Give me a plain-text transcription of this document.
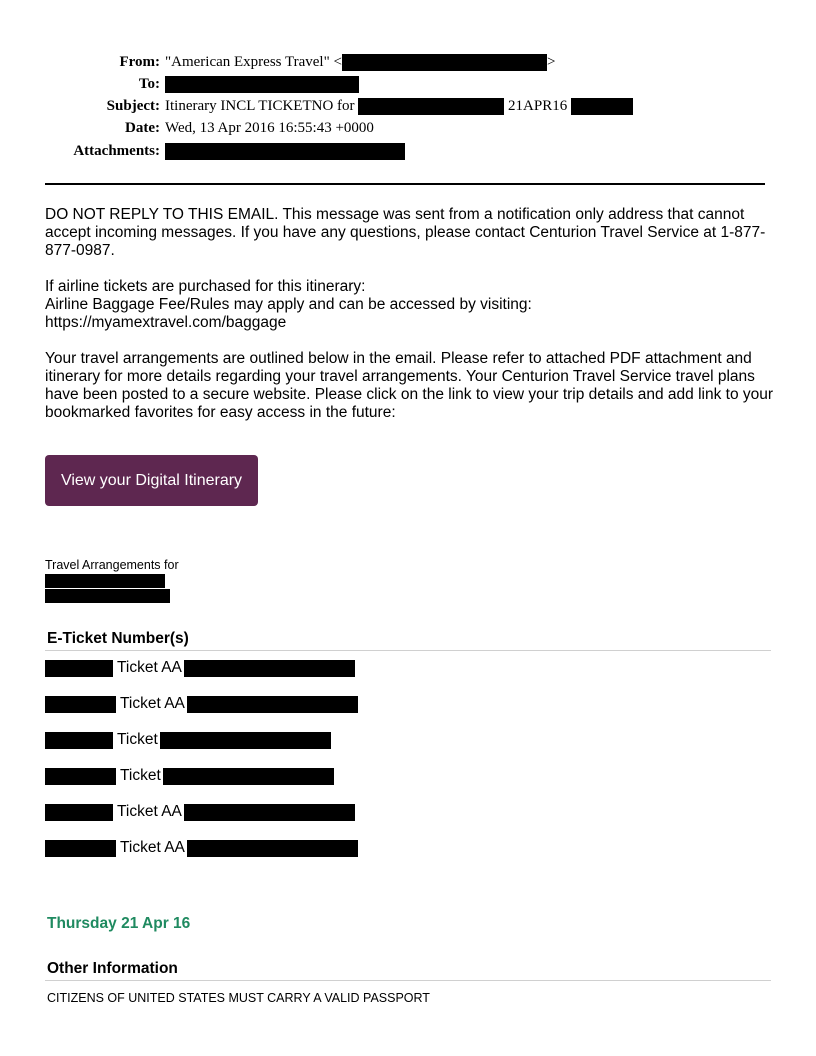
From: "American Express Travel" <	>
To:
Subject: Itinerary INCL TICKETNO for	21APR16
Date: Wed, 13 Apr 2016 16:55:43 +0000
Attachments:

DO NOT REPLY TO THIS EMAIL. This message was sent from a notification only address that cannot accept incoming messages. If you have any questions, please contact Centurion Travel Service at 1-877-877-0987.

If airline tickets are purchased for this itinerary:

Airline Baggage Fee/Rules may apply and can be accessed by visiting:

https://myamextravel.com/baggage

Your travel arrangements are outlined below in the email. Please refer to attached PDF attachment and itinerary for more details regarding your travel arrangements. Your Centurion Travel Service travel plans have been posted to a secure website. Please click on the link to view your trip details and add link to your bookmarked favorites for easy access in the future:

View your Digital Itinerary
Travel Arrangements for
E-Ticket Number(s)
Ticket AA
Ticket AA
Ticket
Ticket
Ticket AA
Ticket AA
Thursday 21 Apr 16
Other Information
CITIZENS OF UNITED STATES MUST CARRY A VALID PASSPORT
